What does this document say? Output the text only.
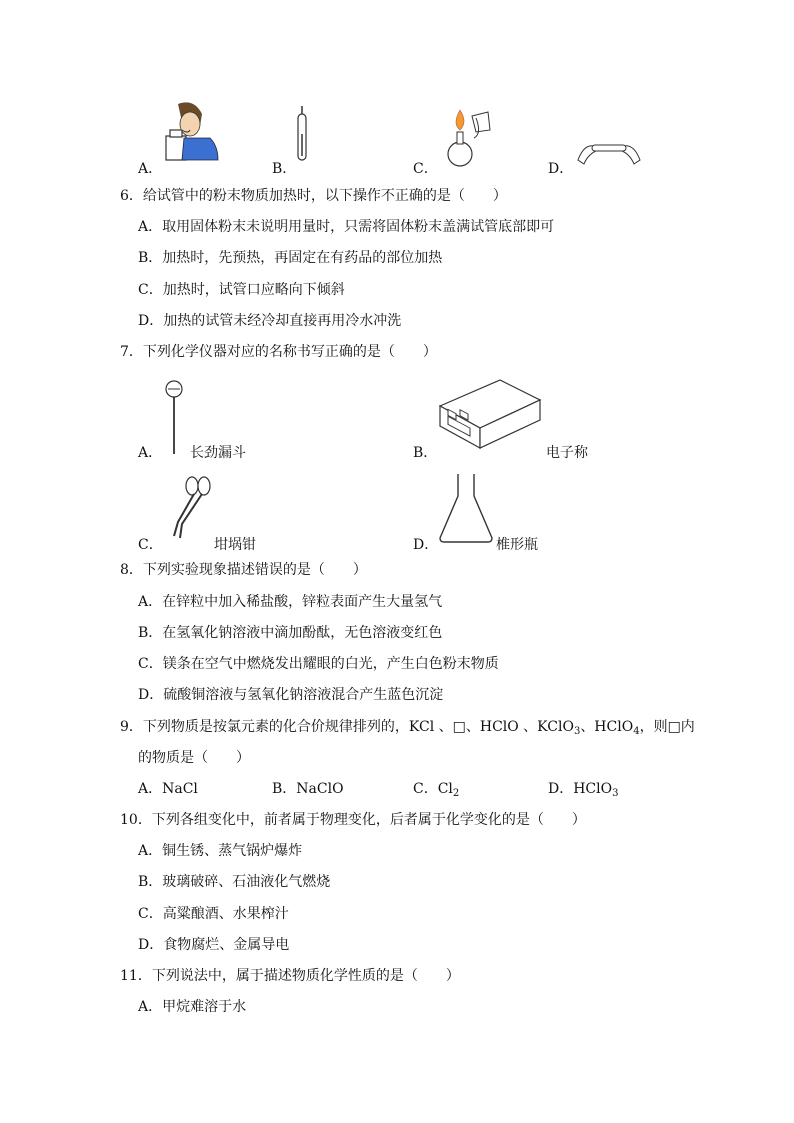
A．	B．	C．	D．
6．给试管中的粉末物质加热时，以下操作不正确的是（　　）
A．取用固体粉末未说明用量时，只需将固体粉末盖满试管底部即可
B．加热时，先预热，再固定在有药品的部位加热
C．加热时，试管口应略向下倾斜
D．加热的试管未经冷却直接再用冷水冲洗
7．下列化学仪器对应的名称书写正确的是（　　）
A． 长劲漏斗	B．	电子称
C．	坩埚钳	D．	椎形瓶
8．下列实验现象描述错误的是（　　）
A．在锌粒中加入稀盐酸，锌粒表面产生大量氢气
B．在氢氧化钠溶液中滴加酚酞，无色溶液变红色
C．镁条在空气中燃烧发出耀眼的白光，产生白色粉末物质
D．硫酸铜溶液与氢氧化钠溶液混合产生蓝色沉淀
9．下列物质是按氯元素的化合价规律排列的，KCl 、□、HClO 、KClO$_3$、HClO$_4$，则□内
的物质是（　　）
A．NaCl	B．NaClO	C．$Cl_2$	D．HClO$_3$
10．下列各组变化中，前者属于物理变化，后者属于化学变化的是（　　）
A．铜生锈、蒸气锅炉爆炸
B．玻璃破碎、石油液化气燃烧
C．高粱酿酒、水果榨汁
D．食物腐烂、金属导电
11．下列说法中，属于描述物质化学性质的是（　　）
A．甲烷难溶于水
